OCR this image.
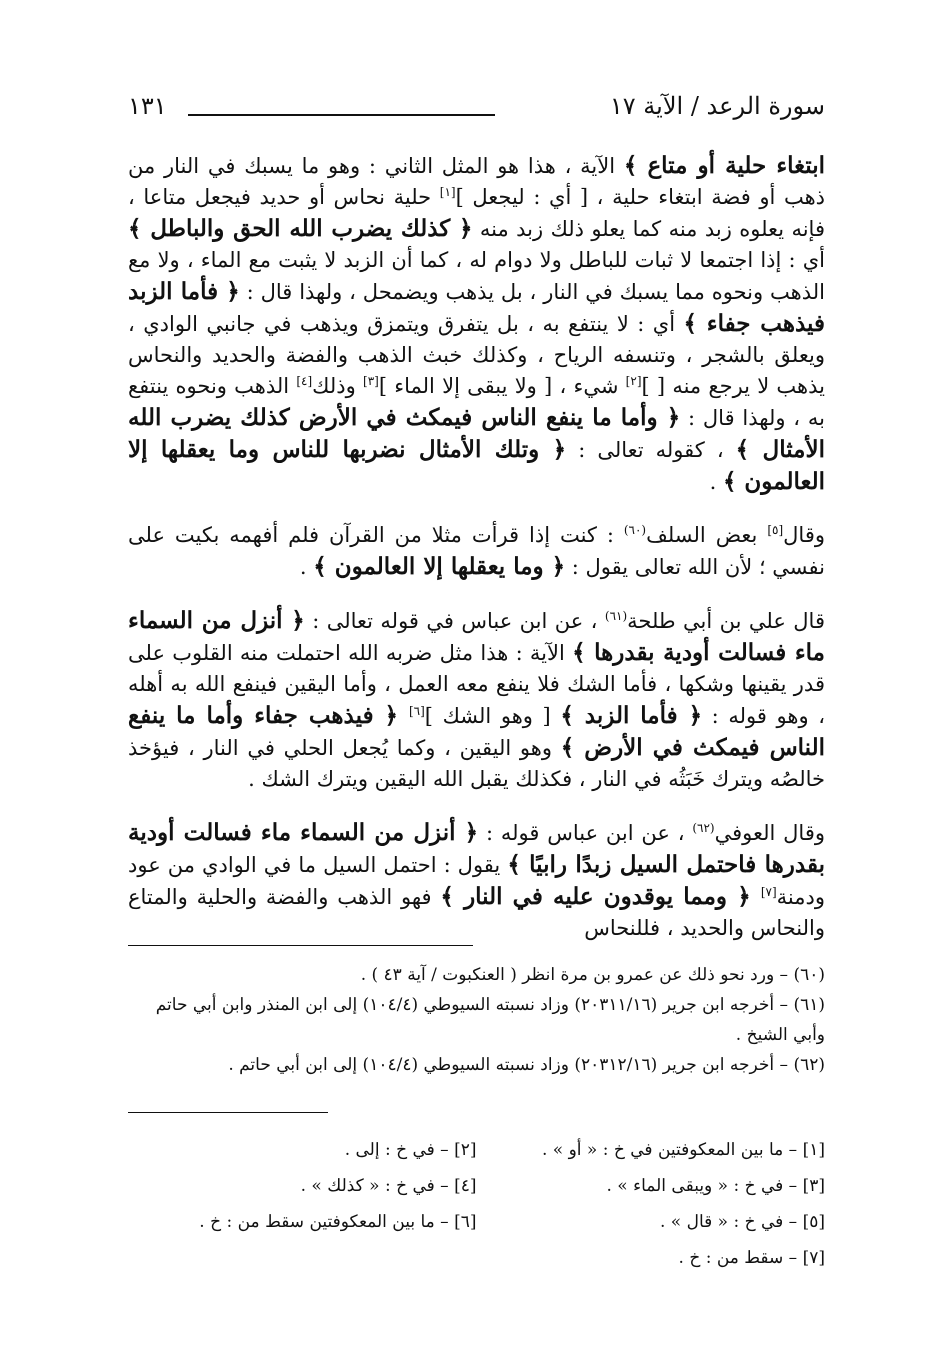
سورة الرعد / الآية ١٧
١٣١

ابتغاء حلية أو متاع ﴾ الآية ، هذا هو المثل الثاني : وهو ما يسبك في النار من ذهب أو فضة ابتغاء حلية ، [ أي : ليجعل ][١] حلية نحاس أو حديد فيجعل متاعا ، فإنه يعلوه زبد منه كما يعلو ذلك زبد منه ﴿ كذلك يضرب الله الحق والباطل ﴾ أي : إذا اجتمعا لا ثبات للباطل ولا دوام له ، كما أن الزبد لا يثبت مع الماء ، ولا مع الذهب ونحوه مما يسبك في النار ، بل يذهب ويضمحل ، ولهذا قال : ﴿ فأما الزبد فيذهب جفاء ﴾ أي : لا ينتفع به ، بل يتفرق ويتمزق ويذهب في جانبي الوادي ، ويعلق بالشجر ، وتنسفه الرياح ، وكذلك خبث الذهب والفضة والحديد والنحاس يذهب لا يرجع منه [ ][٢] شيء ، [ ولا يبقى إلا الماء ][٣] وذلك[٤] الذهب ونحوه ينتفع به ، ولهذا قال : ﴿ وأما ما ينفع الناس فيمكث في الأرض كذلك يضرب الله الأمثال ﴾ ، كقوله تعالى : ﴿ وتلك الأمثال نضربها للناس وما يعقلها إلا العالمون ﴾ .

وقال[٥] بعض السلف$^{(٦٠)}$ : كنت إذا قرأت مثلا من القرآن فلم أفهمه بكيت على نفسي ؛ لأن الله تعالى يقول : ﴿ وما يعقلها إلا العالمون ﴾ .

قال علي بن أبي طلحة$^{(٦١)}$ ، عن ابن عباس في قوله تعالى : ﴿ أنزل من السماء ماء فسالت أودية بقدرها ﴾ الآية : هذا مثل ضربه الله احتملت منه القلوب على قدر يقينها وشكها ، فأما الشك فلا ينفع معه العمل ، وأما اليقين فينفع الله به أهله ، وهو قوله : ﴿ فأما الزبد ﴾ [ وهو الشك ][٦] ﴿ فيذهب جفاء وأما ما ينفع الناس فيمكث في الأرض ﴾ وهو اليقين ، وكما يُجعل الحلي في النار ، فيؤخذ خالصُه ويترك خَبَثُه في النار ، فكذلك يقبل الله اليقين ويترك الشك .

وقال العوفي$^{(٦٢)}$ ، عن ابن عباس قوله : ﴿ أنزل من السماء ماء فسالت أودية بقدرها فاحتمل السيل زبدًا رابيًا ﴾ يقول : احتمل السيل ما في الوادي من عود ودمنة[٧] ﴿ ومما يوقدون عليه في النار ﴾ فهو الذهب والفضة والحلية والمتاع والنحاس والحديد ، فللنحاس

(٦٠) – ورد نحو ذلك عن عمرو بن مرة انظر ( العنكبوت / آية ٤٣ ) .
(٦١) – أخرجه ابن جرير (٢٠٣١١/١٦) وزاد نسبته السيوطي (١٠٤/٤) إلى ابن المنذر وابن أبي حاتم وأبي الشيخ .
(٦٢) – أخرجه ابن جرير (٢٠٣١٢/١٦) وزاد نسبته السيوطي (١٠٤/٤) إلى ابن أبي حاتم .
[١] – ما بين المعكوفتين في خ : « أو » .
[٢] – في خ : إلى .
[٣] – في خ : « ويبقى الماء » .
[٤] – في خ : « كذلك » .
[٥] – في خ : « قال » .
[٦] – ما بين المعكوفتين سقط من : خ .
[٧] – سقط من : خ .
